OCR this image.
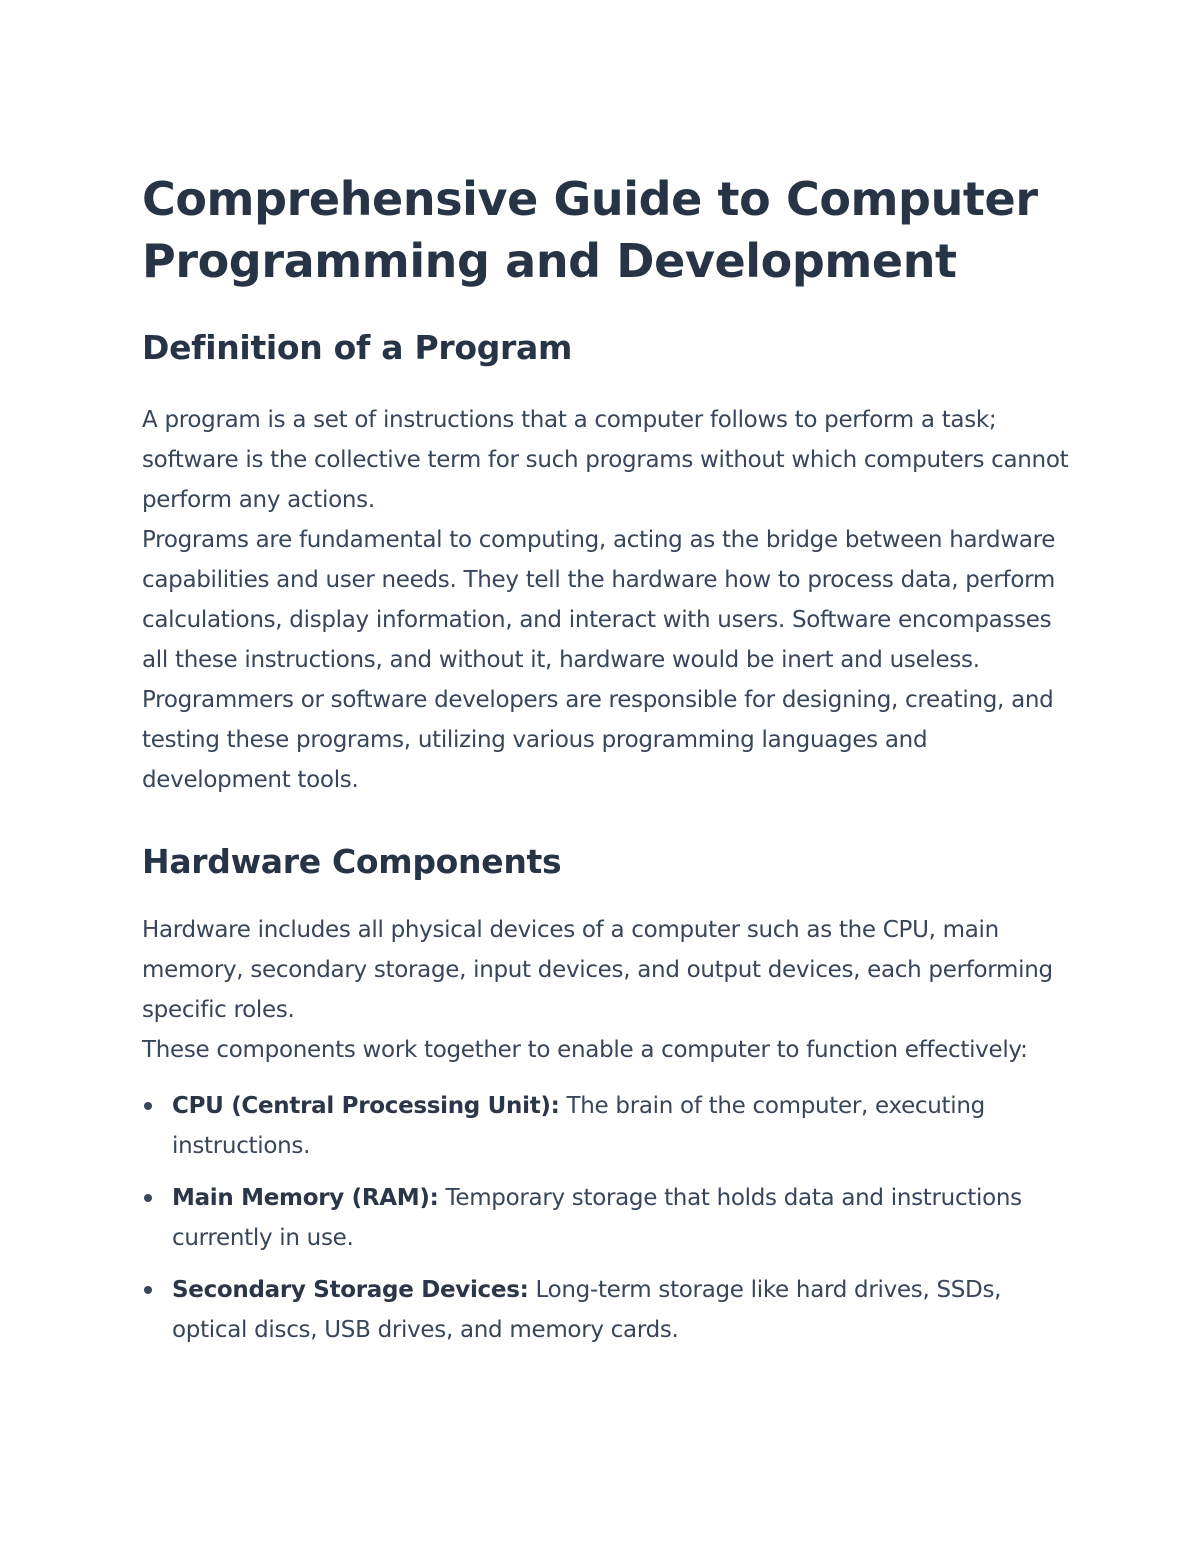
Comprehensive Guide to Computer
Programming and Development
Definition of a Program

A program is a set of instructions that a computer follows to perform a task; software is the collective term for such programs without which computers cannot perform any actions.

Programs are fundamental to computing, acting as the bridge between hardware capabilities and user needs. They tell the hardware how to process data, perform calculations, display information, and interact with users. Software encompasses all these instructions, and without it, hardware would be inert and useless. Programmers or software developers are responsible for designing, creating, and testing these programs, utilizing various programming languages and development tools.

Hardware Components

Hardware includes all physical devices of a computer such as the CPU, main memory, secondary storage, input devices, and output devices, each performing specific roles.

These components work together to enable a computer to function effectively:

CPU (Central Processing Unit): The brain of the computer, executing instructions.
Main Memory (RAM): Temporary storage that holds data and instructions currently in use.
Secondary Storage Devices: Long-term storage like hard drives, SSDs, optical discs, USB drives, and memory cards.
